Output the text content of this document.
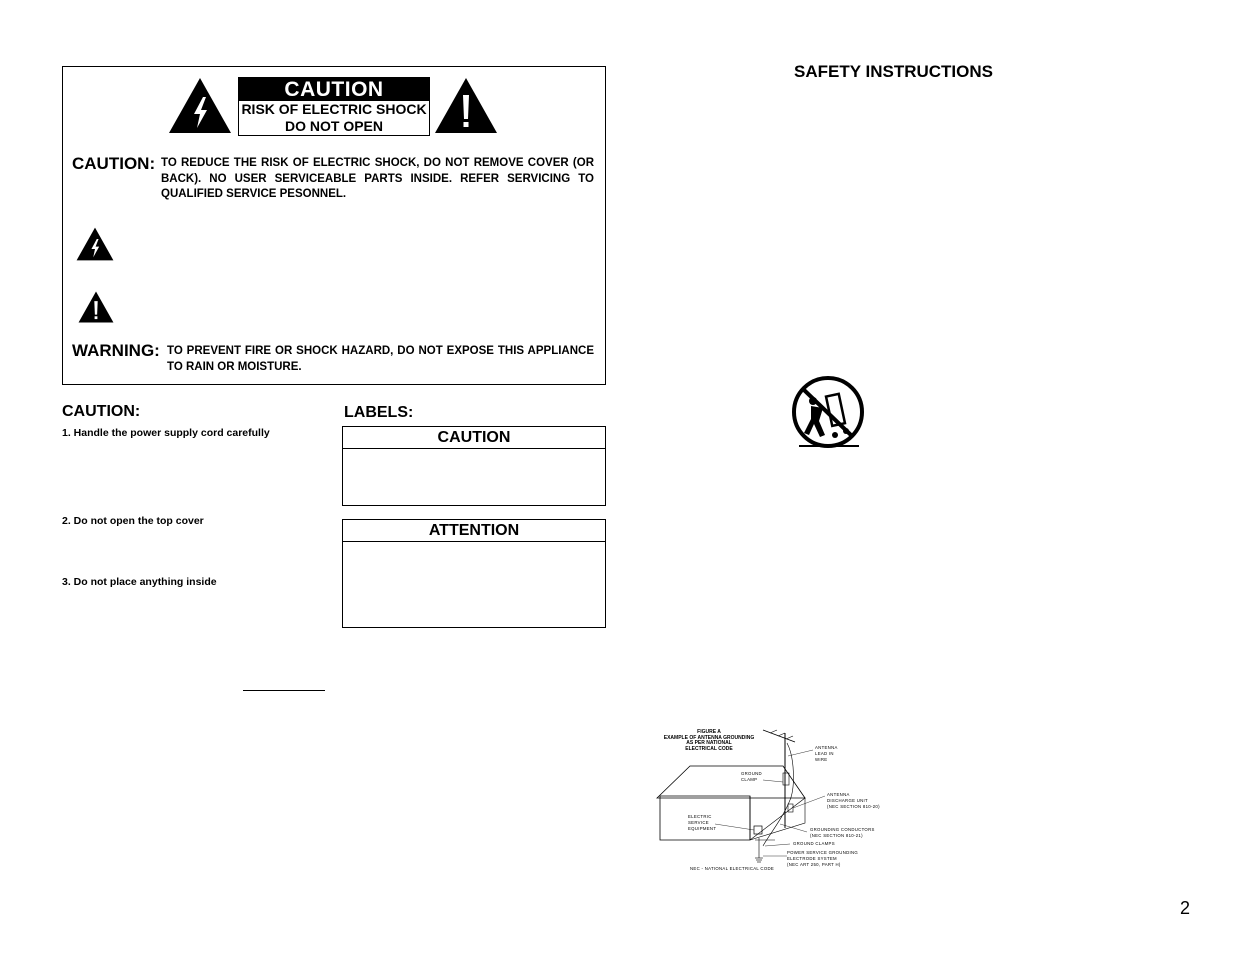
CAUTION
RISK OF ELECTRIC SHOCK
DO NOT OPEN
CAUTION: TO REDUCE THE RISK OF ELECTRIC SHOCK, DO NOT REMOVE COVER (OR BACK). NO USER SERVICEABLE PARTS INSIDE. REFER SERVICING TO QUALIFIED SERVICE PESONNEL.
WARNING: TO PREVENT FIRE OR SHOCK HAZARD, DO NOT EXPOSE THIS APPLIANCE TO RAIN OR MOISTURE.
CAUTION:
1. Handle the power supply cord carefully
2. Do not open the top cover
3. Do not place anything inside
LABELS:
CAUTION
ATTENTION
SAFETY INSTRUCTIONS
FIGURE A
EXAMPLE OF ANTENNA GROUNDING
AS PER NATIONAL
ELECTRICAL CODE	ANTENNA
LEAD IN
WIRE
GROUND
CLAMP
ANTENNA
DISCHARGE UNIT
(NEC SECTION 810-20)
ELECTRIC
SERVICE
EQUIPMENT	GROUNDING CONDUCTORS
(NEC SECTION 810-21)
GROUND CLAMPS
POWER SERVICE GROUNDING
ELECTRODE SYSTEM
(NEC ART 250, PART H)
NEC - NATIONAL ELECTRICAL CODE
2
